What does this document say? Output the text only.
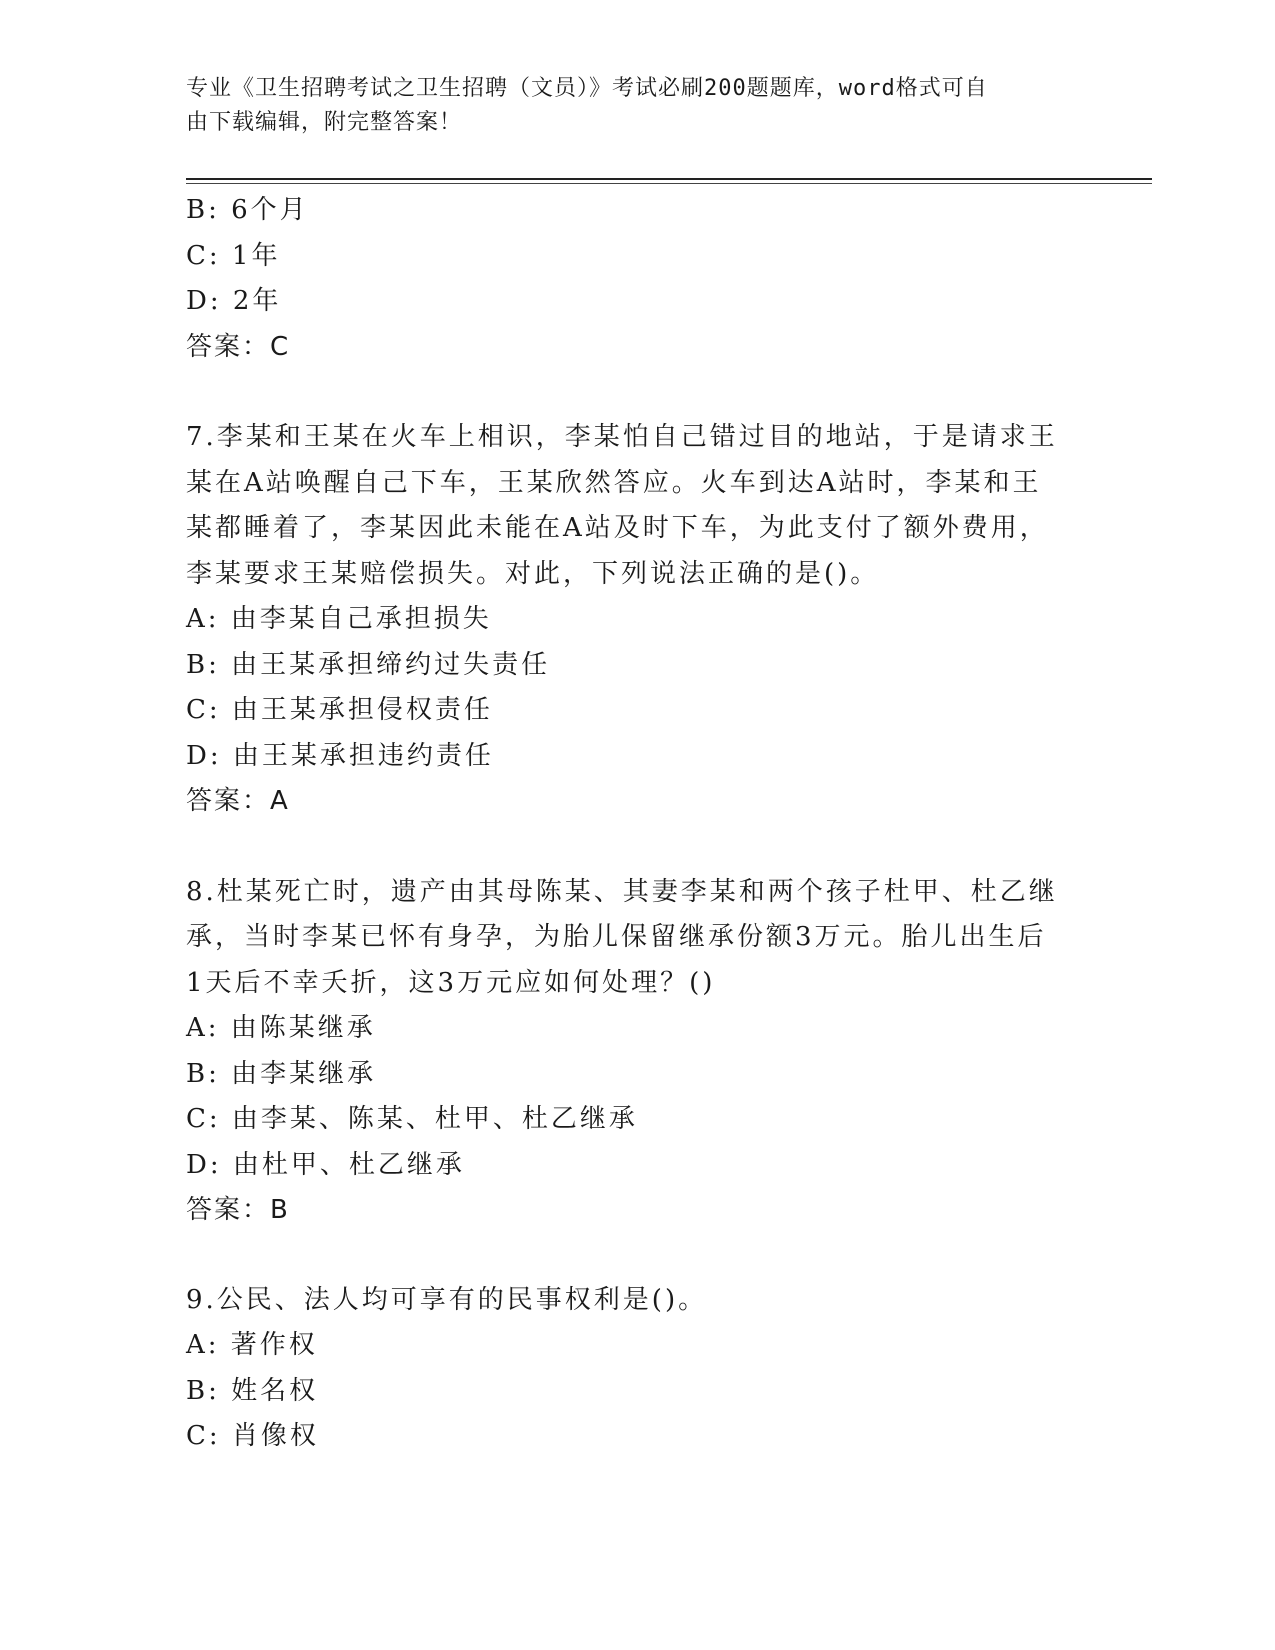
专业《卫生招聘考试之卫生招聘（文员）》考试必刷200题题库，word格式可自
由下载编辑，附完整答案！
B: 6个月
C: 1年
D: 2年
答案：C
7.李某和王某在火车上相识，李某怕自己错过目的地站，于是请求王
某在A站唤醒自己下车，王某欣然答应。火车到达A站时，李某和王
某都睡着了，李某因此未能在A站及时下车，为此支付了额外费用，
李某要求王某赔偿损失。对此，下列说法正确的是()。
A: 由李某自己承担损失
B: 由王某承担缔约过失责任
C: 由王某承担侵权责任
D: 由王某承担违约责任
答案：A
8.杜某死亡时，遗产由其母陈某、其妻李某和两个孩子杜甲、杜乙继
承，当时李某已怀有身孕，为胎儿保留继承份额3万元。胎儿出生后
1天后不幸夭折，这3万元应如何处理？()
A: 由陈某继承
B: 由李某继承
C: 由李某、陈某、杜甲、杜乙继承
D: 由杜甲、杜乙继承
答案：B
9.公民、法人均可享有的民事权利是()。
A: 著作权
B: 姓名权
C: 肖像权
